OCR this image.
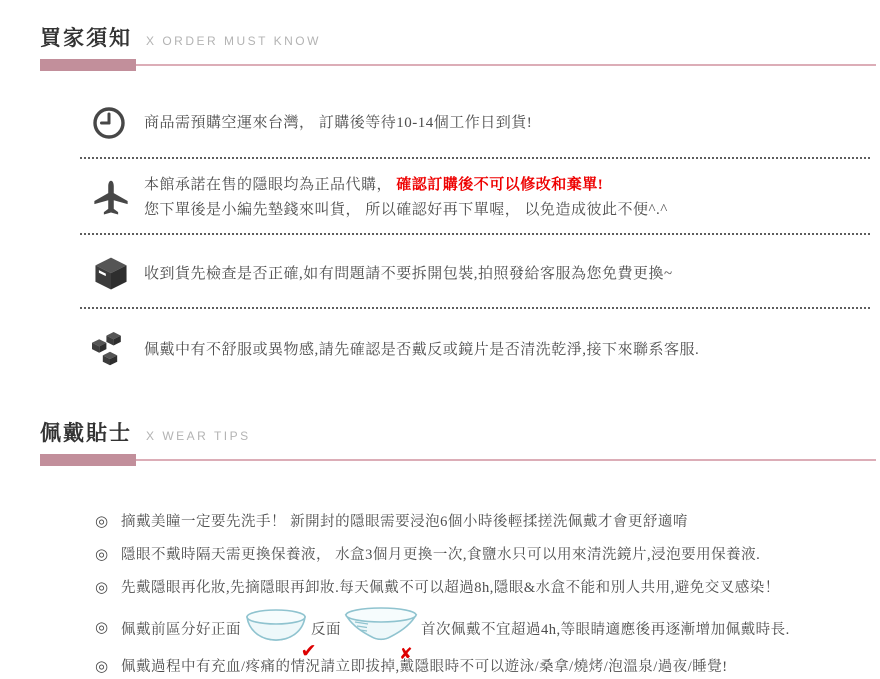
買家須知 X ORDER MUST KNOW
商品需預購空運來台灣， 訂購後等待10-14個工作日到貨!
本館承諾在售的隱眼均為正品代購， 確認訂購後不可以修改和棄單!
您下單後是小編先墊錢來叫貨， 所以確認好再下單喔， 以免造成彼此不便^.^
收到貨先檢查是否正確,如有問題請不要拆開包裝,拍照發給客服為您免費更換~
佩戴中有不舒服或異物感,請先確認是否戴反或鏡片是否清洗乾淨,接下來聯系客服.
佩戴貼士 X WEAR TIPS
◎ 摘戴美瞳一定要先洗手！ 新開封的隱眼需要浸泡6個小時後輕揉搓洗佩戴才會更舒適唷
◎ 隱眼不戴時隔天需更換保養液， 水盒3個月更換一次,食鹽水只可以用來清洗鏡片,浸泡要用保養液.
◎ 先戴隱眼再化妝,先摘隱眼再卸妝.每天佩戴不可以超過8h,隱眼&水盒不能和別人共用,避免交叉感染！
◎ 佩戴前區分好正面
✔
反面
✘
首次佩戴不宜超過4h,等眼睛適應後再逐漸增加佩戴時長.
◎ 佩戴過程中有充血/疼痛的情況請立即拔掉,戴隱眼時不可以遊泳/桑拿/燒烤/泡溫泉/過夜/睡覺!
